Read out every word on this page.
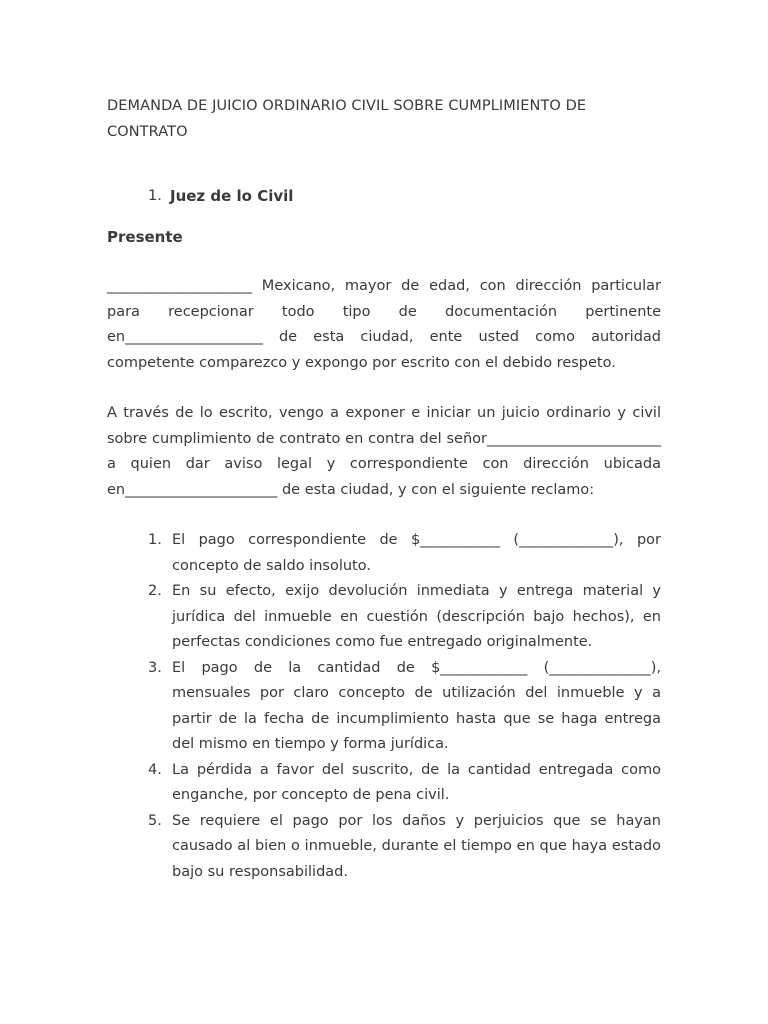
DEMANDA DE JUICIO ORDINARIO CIVIL SOBRE CUMPLIMIENTO DE CONTRATO

1. Juez de lo Civil

Presente

____________________ Mexicano, mayor de edad, con dirección particular para recepcionar todo tipo de documentación pertinente en___________________ de esta ciudad, ente usted como autoridad competente comparezco y expongo por escrito con el debido respeto.

A través de lo escrito, vengo a exponer e iniciar un juicio ordinario y civil sobre cumplimiento de contrato en contra del señor________________________ a quien dar aviso legal y correspondiente con dirección ubicada en_____________________ de esta ciudad, y con el siguiente reclamo:

1. El pago correspondiente de $___________ (_____________), por concepto de saldo insoluto.
2. En su efecto, exijo devolución inmediata y entrega material y jurídica del inmueble en cuestión (descripción bajo hechos), en perfectas condiciones como fue entregado originalmente.
3. El pago de la cantidad de $____________ (______________), mensuales por claro concepto de utilización del inmueble y a partir de la fecha de incumplimiento hasta que se haga entrega del mismo en tiempo y forma jurídica.
4. La pérdida a favor del suscrito, de la cantidad entregada como enganche, por concepto de pena civil.
5. Se requiere el pago por los daños y perjuicios que se hayan causado al bien o inmueble, durante el tiempo en que haya estado bajo su responsabilidad.
